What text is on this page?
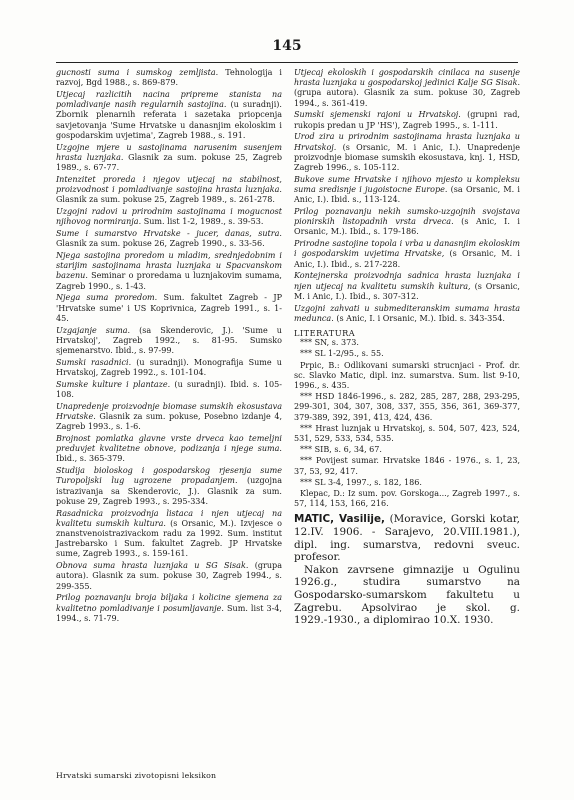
145
gucnosti suma i sumskog zemljista. Tehnologija i razvoj, Bgd 1988., s. 869-879.
Utjecaj razlicitih nacina pripreme stanista na pomladivanje nasih regularnih sastojina. (u suradnji). Zbornik plenarnih referata i sazetaka priopcenja savjetovanja 'Sume Hrvatske u danasnjim ekoloskim i gospodarskim uvjetima', Zagreb 1988., s. 191.
Uzgojne mjere u sastojinama narusenim susenjem hrasta luznjaka. Glasnik za sum. pokuse 25, Zagreb 1989., s. 67-77.
Intenzitet proreda i njegov utjecaj na stabilnost, proizvodnost i pomladivanje sastojina hrasta luznjaka. Glasnik za sum. pokuse 25, Zagreb 1989., s. 261-278.
Uzgojni radovi u prirodnim sastojinama i mogucnost njihovog normiranja. Sum. list 1-2, 1989., s. 39-53.
Sume i sumarstvo Hrvatske - jucer, danas, sutra. Glasnik za sum. pokuse 26, Zagreb 1990., s. 33-56.
Njega sastojina proredom u mladim, srednjedobnim i starijim sastojinama hrasta luznjaka u Spacvanskom bazenu. Seminar o proredama u luznjakovim sumama, Zagreb 1990., s. 1-43.
Njega suma proredom. Sum. fakultet Zagreb - JP 'Hrvatske sume' i US Koprivnica, Zagreb 1991., s. 1-45.
Uzgajanje suma. (sa Skenderovic, J.). 'Sume u Hrvatskoj', Zagreb 1992., s. 81-95. Sumsko sjemenarstvo. Ibid., s. 97-99.
Sumski rasadnici. (u suradnji). Monografija Sume u Hrvatskoj, Zagreb 1992., s. 101-104.
Sumske kulture i plantaze. (u suradnji). Ibid. s. 105-108.
Unapredenje proizvodnje biomase sumskih ekosustava Hrvatske. Glasnik za sum. pokuse, Posebno izdanje 4, Zagreb 1993., s. 1-6.
Brojnost pomlatka glavne vrste drveca kao temeljni preduvjet kvalitetne obnove, podizanja i njege suma. Ibid., s. 365-379.
Studija bioloskog i gospodarskog rjesenja sume Turopoljski lug ugrozene propadanjem. (uzgojna istrazivanja sa Skenderovic, J.). Glasnik za sum. pokuse 29, Zagreb 1993., s. 295-334.
Rasadnicka proizvodnja listaca i njen utjecaj na kvalitetu sumskih kultura. (s Orsanic, M.). Izvjesce o znanstvenoistrazivackom radu za 1992. Sum. institut Jastrebarsko i Sum. fakultet Zagreb. JP Hrvatske sume, Zagreb 1993., s. 159-161.
Obnova suma hrasta luznjaka u SG Sisak. (grupa autora). Glasnik za sum. pokuse 30, Zagreb 1994., s. 299-355.
Prilog poznavanju broja biljaka i kolicine sjemena za kvalitetno pomladivanje i posumljavanje. Sum. list 3-4, 1994., s. 71-79.
Utjecaj ekoloskih i gospodarskih cinilaca na susenje hrasta luznjaka u gospodarskoj jedinici Kalje SG Sisak. (grupa autora). Glasnik za sum. pokuse 30, Zagreb 1994., s. 361-419.
Sumski sjemenski rajoni u Hrvatskoj. (grupni rad, rukopis predan u JP 'HS'), Zagreb 1995., s. 1-111.
Urod zira u prirodnim sastojinama hrasta luznjaka u Hrvatskoj. (s Orsanic, M. i Anic, I.). Unapredenje proizvodnje biomase sumskih ekosustava, knj. 1, HSD, Zagreb 1996., s. 105-112.
Bukove sume Hrvatske i njihovo mjesto u kompleksu suma sredisnje i jugoistocne Europe. (sa Orsanic, M. i Anic, I.). Ibid. s., 113-124.
Prilog poznavanju nekih sumsko-uzgojnih svojstava pionirskih listopadnih vrsta drveca. (s Anic, I. i Orsanic, M.). Ibid., s. 179-186.
Prirodne sastojine topola i vrba u danasnjim ekoloskim i gospodarskim uvjetima Hrvatske, (s Orsanic, M. i Anic, I.). Ibid., s. 217-228.
Kontejnerska proizvodnja sadnica hrasta luznjaka i njen utjecaj na kvalitetu sumskih kultura, (s Orsanic, M. i Anic, I.). Ibid., s. 307-312.
Uzgojni zahvati u submediteranskim sumama hrasta medunca. (s Anic, I. i Orsanic, M.). Ibid. s. 343-354.
LITERATURA
*** SN, s. 373.
*** SL 1-2/95., s. 55.
Prpic, B.: Odlikovani sumarski strucnjaci - Prof. dr. sc. Slavko Matic, dipl. inz. sumarstva. Sum. list 9-10, 1996., s. 435.
*** HSD 1846-1996., s. 282, 285, 287, 288, 293-295, 299-301, 304, 307, 308, 337, 355, 356, 361, 369-377, 379-389, 392, 391, 413, 424, 436.
*** Hrast luznjak u Hrvatskoj, s. 504, 507, 423, 524, 531, 529, 533, 534, 535.
*** SIB, s. 6, 34, 67.
*** Povijest sumar. Hrvatske 1846 - 1976., s. 1, 23, 37, 53, 92, 417.
*** SL 3-4, 1997., s. 182, 186.
Klepac, D.: Iz sum. pov. Gorskoga..., Zagreb 1997., s. 57, 114, 153, 166, 216.
MATIC, Vasilije, (Moravice, Gorski kotar, 12.IV. 1906. - Sarajevo, 20.VIII.1981.), dipl. ing. sumarstva, redovni sveuc. profesor.
Nakon zavrsene gimnazije u Ogulinu 1926.g., studira sumarstvo na Gospodarsko-sumarskom fakultetu u Zagrebu. Apsolvirao je skol. g. 1929.-1930., a diplomirao 10.X. 1930.
Hrvatski sumarski zivotopisni leksikon
